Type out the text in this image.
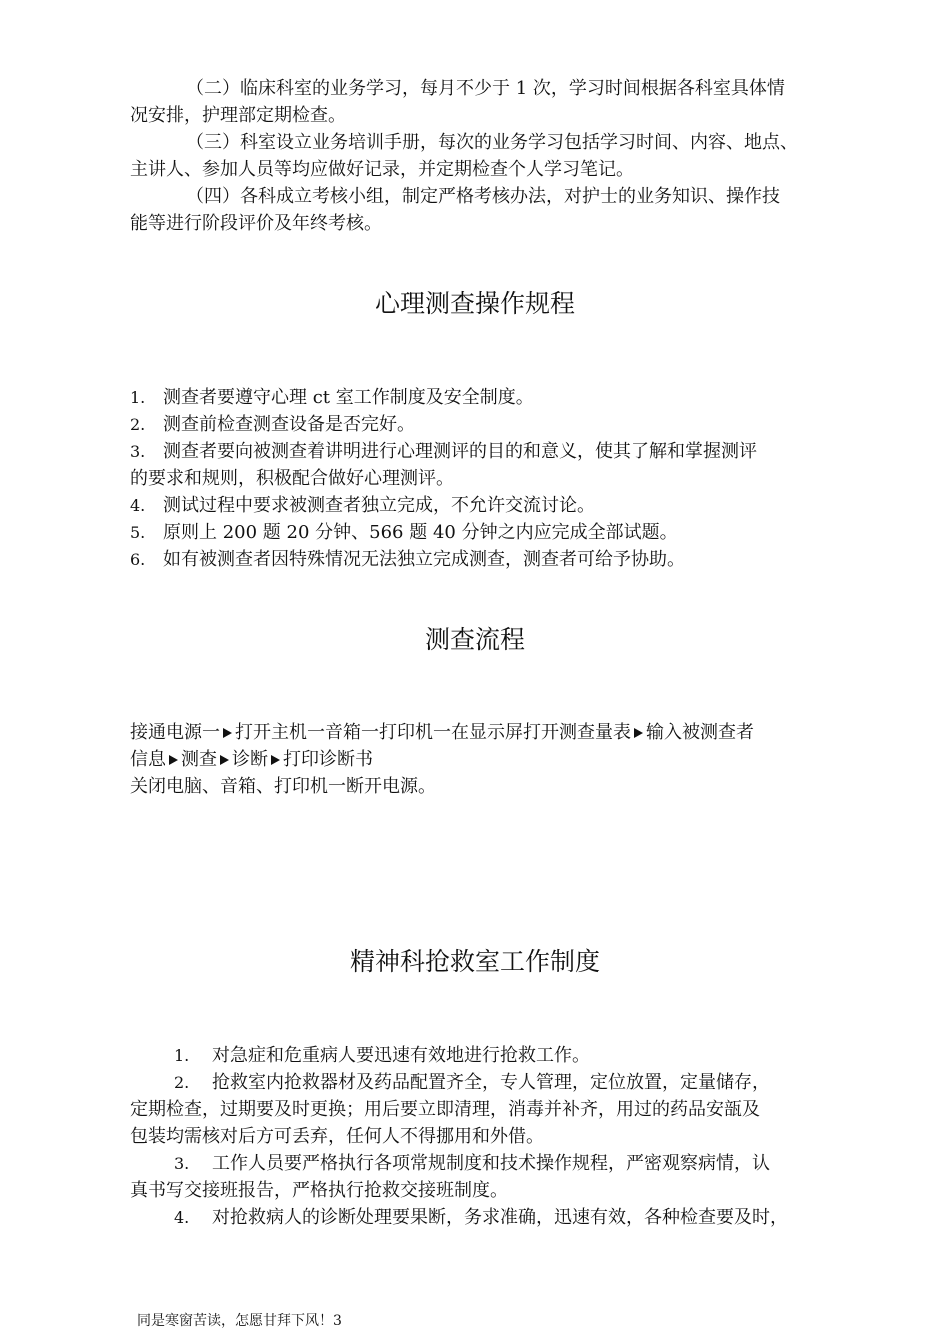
（二）临床科室的业务学习，每月不少于 1 次，学习时间根据各科室具体情
况安排，护理部定期检查。
（三）科室设立业务培训手册，每次的业务学习包括学习时间、内容、地点、
主讲人、参加人员等均应做好记录，并定期检查个人学习笔记。
（四）各科成立考核小组，制定严格考核办法，对护士的业务知识、操作技
能等进行阶段评价及年终考核。
心理测查操作规程
1. 测查者要遵守心理 ct 室工作制度及安全制度。
2. 测查前检查测查设备是否完好。
3. 测查者要向被测查着讲明进行心理测评的目的和意义，使其了解和掌握测评
的要求和规则，积极配合做好心理测评。
4. 测试过程中要求被测查者独立完成，不允许交流讨论。
5. 原则上 200 题 20 分钟、566 题 40 分钟之内应完成全部试题。
6. 如有被测查者因特殊情况无法独立完成测查，测查者可给予协助。
测查流程
接通电源一 打开主机一音箱一打印机一在显示屏打开测查量表 输入被测查者
信息 测查 诊断 打印诊断书
关闭电脑、音箱、打印机一断开电源。
精神科抢救室工作制度
1. 对急症和危重病人要迅速有效地进行抢救工作。
2. 抢救室内抢救器材及药品配置齐全，专人管理，定位放置，定量储存，
定期检查，过期要及时更换；用后要立即清理，消毒并补齐，用过的药品安瓿及
包装均需核对后方可丢弃，任何人不得挪用和外借。
3. 工作人员要严格执行各项常规制度和技术操作规程，严密观察病情，认
真书写交接班报告，严格执行抢救交接班制度。
4. 对抢救病人的诊断处理要果断，务求准确，迅速有效，各种检查要及时，
同是寒窗苦读，怎愿甘拜下风！3
